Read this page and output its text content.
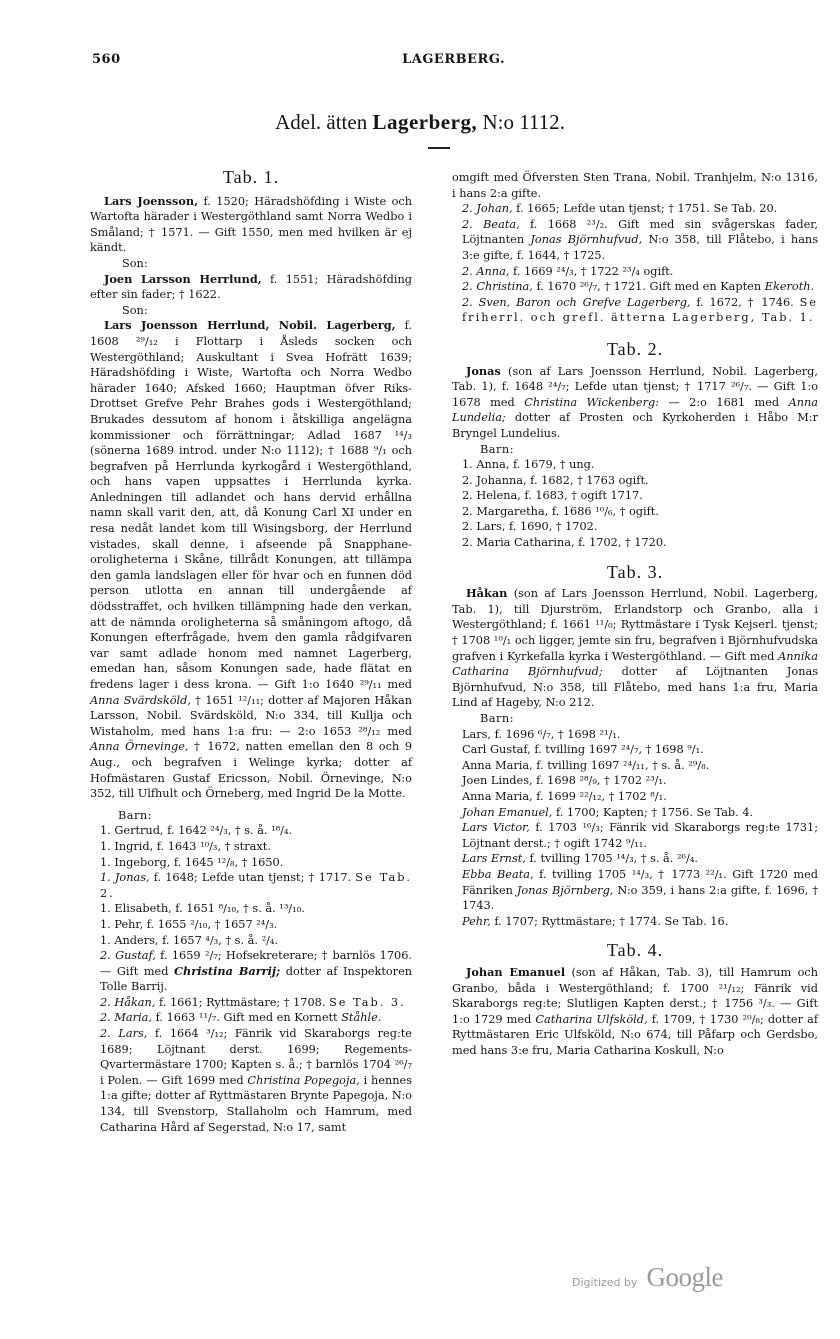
560	LAGERBERG.
Adel. ätten Lagerberg, N:o 1112.

Tab. 1.

Lars Joensson, f. 1520; Häradshöfding i Wiste och Wartofta härader i Westergöthland samt Norra Wedbo i Småland; † 1571. — Gift 1550, men med hvilken är ej kändt.

Son:

Joen Larsson Herrlund, f. 1551; Häradshöfding efter sin fader; † 1622.

Son:

Lars Joensson Herrlund, Nobil. Lagerberg, f. 1608 ²⁹/₁₂ i Flottarp i Åsleds socken och Westergöthland; Auskultant i Svea Hofrätt 1639; Häradshöfding i Wiste, Wartofta och Norra Wedbo härader 1640; Afsked 1660; Hauptman öfver Riks-Drottset Grefve Pehr Brahes gods i Westergöthland; Brukades dessutom af honom i åtskilliga angelägna kommissioner och förrättningar; Adlad 1687 ¹⁴/₃ (sönerna 1689 introd. under N:o 1112); † 1688 ⁹/₁ och begrafven på Herrlunda kyrkogård i Westergöthland, och hans vapen uppsattes i Herrlunda kyrka. Anledningen till adlandet och hans dervid erhållna namn skall varit den, att, då Konung Carl XI under en resa nedåt landet kom till Wisingsborg, der Herrlund vistades, skall denne, i afseende på Snapphane-oroligheterna i Skåne, tillrådt Konungen, att tillämpa den gamla landslagen eller för hvar och en funnen död person utlotta en annan till undergående af dödsstraffet, och hvilken tillämpning hade den verkan, att de nämnda oroligheterna så småningom aftogo, då Konungen efterfrågade, hvem den gamla rådgifvaren var samt adlade honom med namnet Lagerberg, emedan han, såsom Konungen sade, hade flätat en fredens lager i dess krona. — Gift 1:o 1640 ²⁹/₁₁ med Anna Svärdsköld, † 1651 ¹²/₁₁; dotter af Majoren Håkan Larsson, Nobil. Svärdsköld, N:o 334, till Kullja och Wistaholm, med hans 1:a fru: — 2:o 1653 ²⁸/₁₂ med Anna Örnevinge, † 1672, natten emellan den 8 och 9 Aug., och begrafven i Welinge kyrka; dotter af Hofmästaren Gustaf Ericsson, Nobil. Örnevinge, N:o 352, till Ulfhult och Örneberg, med Ingrid De la Motte.

Barn:

1. Gertrud, f. 1642 ²⁴/₃, † s. å. ¹⁸/₄.

1. Ingrid, f. 1643 ¹⁰/₃, † straxt.

1. Ingeborg, f. 1645 ¹²/₈, † 1650.

1. Jonas, f. 1648; Lefde utan tjenst; † 1717. Se Tab. 2.

1. Elisabeth, f. 1651 ⁸/₁₀, † s. å. ¹³/₁₀.

1. Pehr, f. 1655 ²/₁₀, † 1657 ²⁴/₃.

1. Anders, f. 1657 ⁴/₃, † s. å. ²/₄.

2. Gustaf, f. 1659 ²/₇; Hofsekreterare; † barnlös 1706. — Gift med Christina Barrij; dotter af Inspektoren Tolle Barrij.

2. Håkan, f. 1661; Ryttmästare; † 1708. Se Tab. 3.

2. Maria, f. 1663 ¹¹/₇. Gift med en Kornett Ståhle.

2. Lars, f. 1664 ³/₁₂; Fänrik vid Skaraborgs reg:te 1689; Löjtnant derst. 1699; Regements-Qvartermästare 1700; Kapten s. å.; † barnlös 1704 ²⁶/₇ i Polen. — Gift 1699 med Christina Popegoja, i hennes 1:a gifte; dotter af Ryttmästaren Brynte Papegoja, N:o 134, till Svenstorp, Stallaholm och Hamrum, med Catharina Hård af Segerstad, N:o 17, samt

omgift med Öfversten Sten Trana, Nobil. Tranhjelm, N:o 1316, i hans 2:a gifte.

2. Johan, f. 1665; Lefde utan tjenst; † 1751. Se Tab. 20.

2. Beata, f. 1668 ²³/₂. Gift med sin svågerskas fader, Löjtnanten Jonas Björnhufvud, N:o 358, till Flåtebo, i hans 3:e gifte, f. 1644, † 1725.

2. Anna, f. 1669 ²⁴/₃, † 1722 ²³/₄ ogift.

2. Christina, f. 1670 ²⁶/₇, † 1721. Gift med en Kapten Ekeroth.

2. Sven, Baron och Grefve Lagerberg, f. 1672, † 1746. Se friherrl. och grefl. ätterna Lagerberg, Tab. 1.

Tab. 2.

Jonas (son af Lars Joensson Herrlund, Nobil. Lagerberg, Tab. 1), f. 1648 ²⁴/₇; Lefde utan tjenst; † 1717 ²⁶/₇. — Gift 1:o 1678 med Christina Wickenberg: — 2:o 1681 med Anna Lundelia; dotter af Prosten och Kyrkoherden i Håbo M:r Bryngel Lundelius.

Barn:

1. Anna, f. 1679, † ung.

2. Johanna, f. 1682, † 1763 ogift.

2. Helena, f. 1683, † ogift 1717.

2. Margaretha, f. 1686 ¹⁰/₆, † ogift.

2. Lars, f. 1690, † 1702.

2. Maria Catharina, f. 1702, † 1720.

Tab. 3.

Håkan (son af Lars Joensson Herrlund, Nobil. Lagerberg, Tab. 1), till Djurström, Erlandstorp och Granbo, alla i Westergöthland; f. 1661 ¹¹/₀; Ryttmästare i Tysk Kejserl. tjenst; † 1708 ¹⁰/₁ och ligger, jemte sin fru, begrafven i Björnhufvudska grafven i Kyrkefalla kyrka i Westergöthland. — Gift med Annika Catharina Björnhufvud; dotter af Löjtnanten Jonas Björnhufvud, N:o 358, till Flåtebo, med hans 1:a fru, Maria Lind af Hageby, N:o 212.

Barn:

Lars, f. 1696 ⁶/₇, † 1698 ²¹/₁.

Carl Gustaf, f. tvilling 1697 ²⁴/₇, † 1698 ⁹/₁.

Anna Maria, f. tvilling 1697 ²⁴/₁₁, † s. å. ²⁹/₈.

Joen Lindes, f. 1698 ²⁸/₉, † 1702 ²³/₁.

Anna Maria, f. 1699 ²²/₁₂, † 1702 ⁸/₁.

Johan Emanuel, f. 1700; Kapten; † 1756. Se Tab. 4.

Lars Victor, f. 1703 ¹⁶/₃; Fänrik vid Skaraborgs reg:te 1731; Löjtnant derst.; † ogift 1742 ⁹/₁₁.

Lars Ernst, f. tvilling 1705 ¹⁴/₃, † s. å. ²⁶/₄.

Ebba Beata, f. tvilling 1705 ¹⁴/₃, † 1773 ²²/₁. Gift 1720 med Fänriken Jonas Björnberg, N:o 359, i hans 2:a gifte, f. 1696, † 1743.

Pehr, f. 1707; Ryttmästare; † 1774. Se Tab. 16.

Tab. 4.

Johan Emanuel (son af Håkan, Tab. 3), till Hamrum och Granbo, båda i Westergöthland; f. 1700 ²¹/₁₂; Fänrik vid Skaraborgs reg:te; Slutligen Kapten derst.; † 1756 ³/₃. — Gift 1:o 1729 med Catharina Ulfsköld, f. 1709, † 1730 ²⁰/₈; dotter af Ryttmästaren Eric Ulfsköld, N:o 674, till Påfarp och Gerdsbo, med hans 3:e fru, Maria Catharina Koskull, N:o

Digitized by Google
